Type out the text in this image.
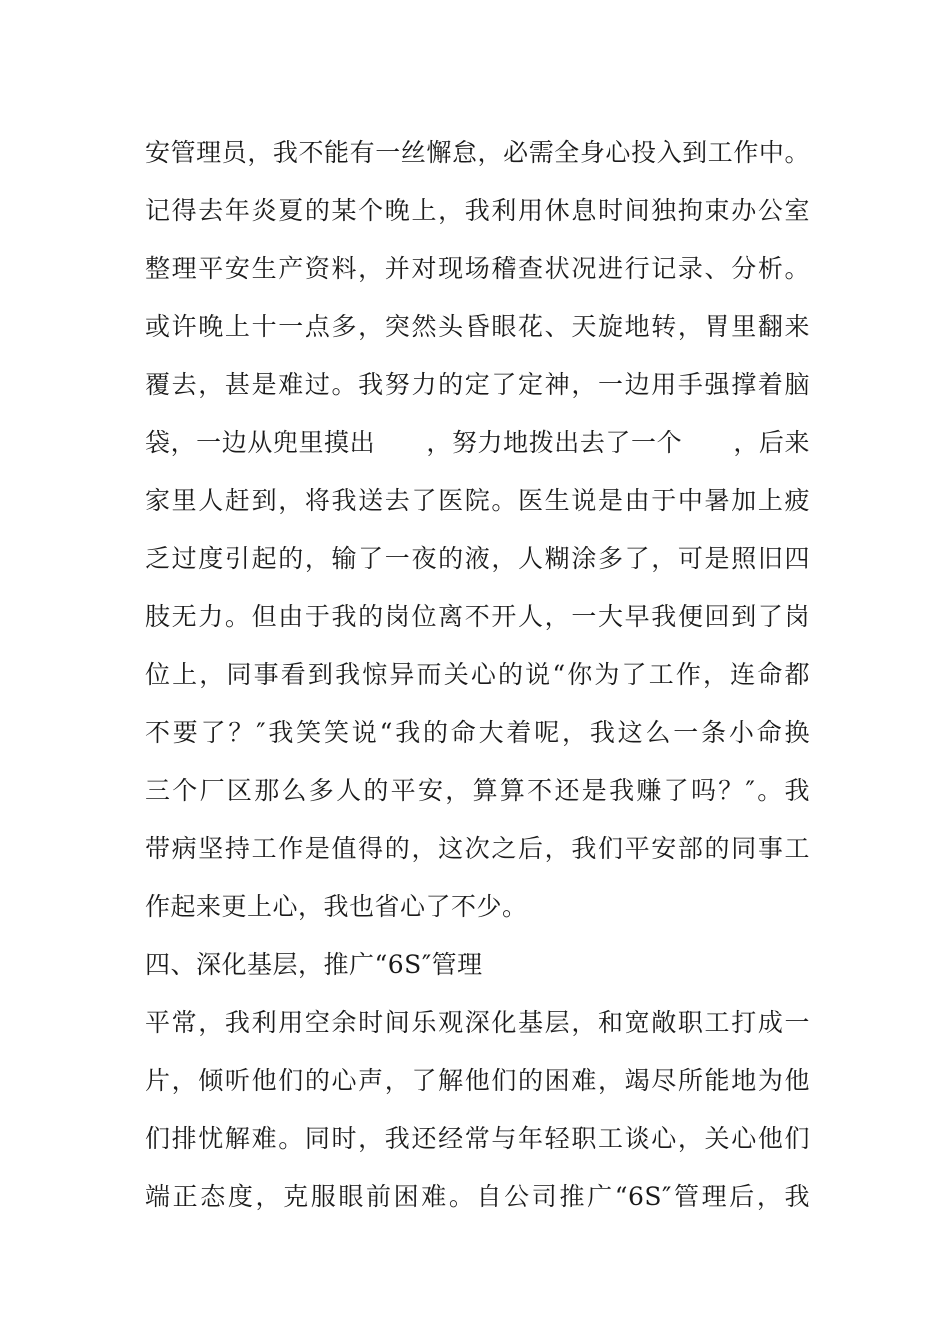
安管理员，我不能有一丝懈怠，必需全身心投入到工作中。
记得去年炎夏的某个晚上，我利用休息时间独拘束办公室
整理平安生产资料，并对现场稽查状况进行记录、分析。
或许晚上十一点多，突然头昏眼花、天旋地转，胃里翻来
覆去，甚是难过。我努力的定了定神，一边用手强撑着脑
袋，一边从兜里摸出　　，努力地拨出去了一个　　，后来
家里人赶到，将我送去了医院。医生说是由于中暑加上疲
乏过度引起的，输了一夜的液，人糊涂多了，可是照旧四
肢无力。但由于我的岗位离不开人，一大早我便回到了岗
位上，同事看到我惊异而关心的说“你为了工作，连命都
不要了？″我笑笑说“我的命大着呢，我这么一条小命换
三个厂区那么多人的平安，算算不还是我赚了吗？″。我
带病坚持工作是值得的，这次之后，我们平安部的同事工
作起来更上心，我也省心了不少。
四、深化基层，推广“6S″管理
平常，我利用空余时间乐观深化基层，和宽敞职工打成一
片，倾听他们的心声，了解他们的困难，竭尽所能地为他
们排忧解难。同时，我还经常与年轻职工谈心，关心他们
端正态度，克服眼前困难。自公司推广“6S″管理后，我
